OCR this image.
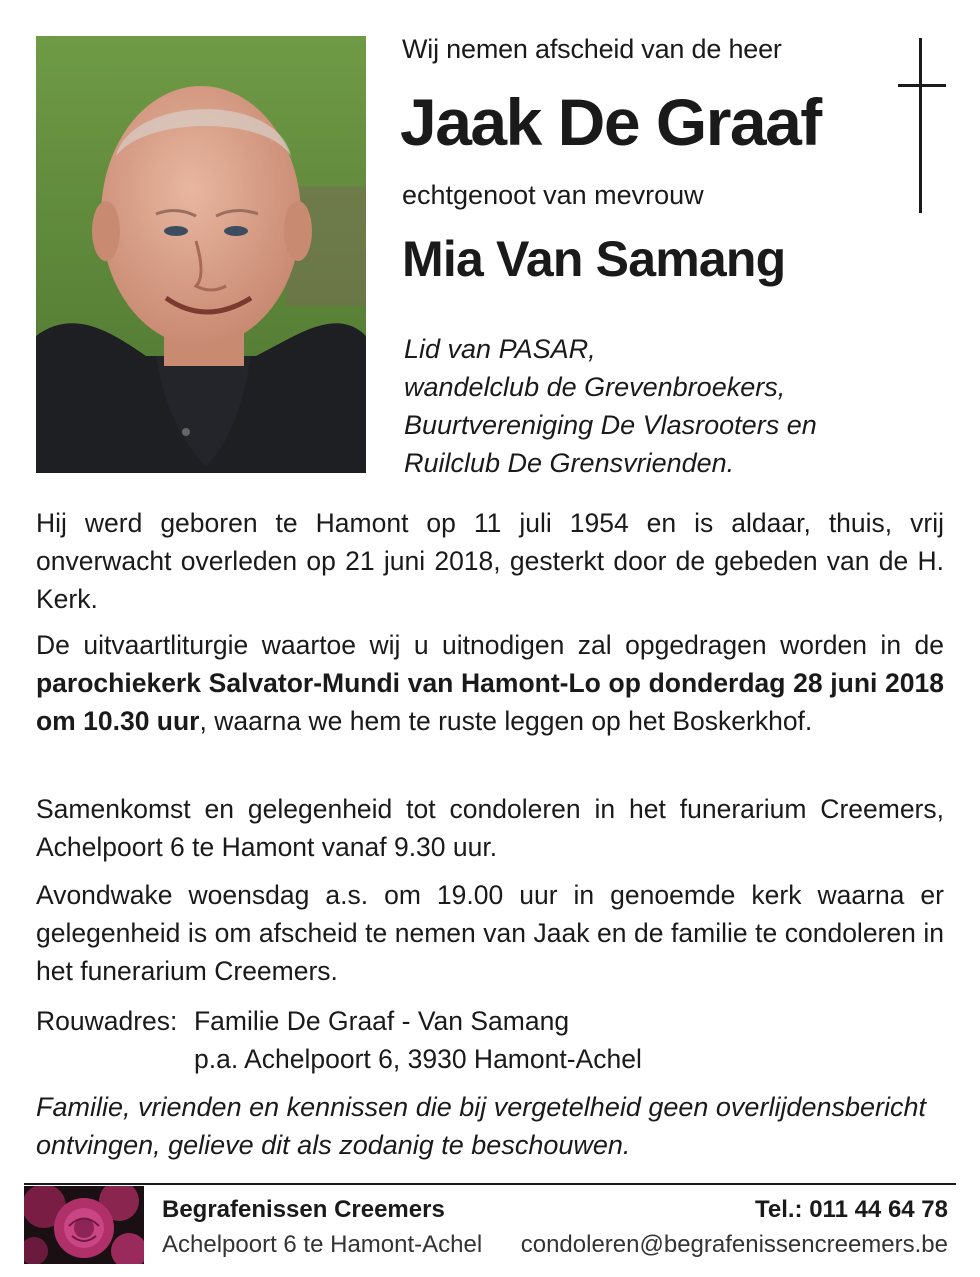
Wij nemen afscheid van de heer
Jaak De Graaf
echtgenoot van mevrouw
Mia Van Samang
Lid van PASAR,
wandelclub de Grevenbroekers,
Buurtvereniging De Vlasrooters en
Ruilclub De Grensvrienden.

Hij werd geboren te Hamont op 11 juli 1954 en is aldaar, thuis, vrij onverwacht overleden op 21 juni 2018, gesterkt door de gebeden van de H. Kerk.

De uitvaartliturgie waartoe wij u uitnodigen zal opgedragen worden in de parochiekerk Salvator-Mundi van Hamont-Lo op donderdag 28 juni 2018 om 10.30 uur, waarna we hem te ruste leggen op het Boskerkhof.

Samenkomst en gelegenheid tot condoleren in het funerarium Creemers, Achelpoort 6 te Hamont vanaf 9.30 uur.

Avondwake woensdag a.s. om 19.00 uur in genoemde kerk waarna er gelegenheid is om afscheid te nemen van Jaak en de familie te condoleren in het funerarium Creemers.

Rouwadres: Familie De Graaf - Van Samang
p.a. Achelpoort 6, 3930 Hamont-Achel
Familie, vrienden en kennissen die bij vergetelheid geen overlijdensbericht
ontvingen, gelieve dit als zodanig te beschouwen.
Begrafenissen Creemers
Achelpoort 6 te Hamont-Achel
Tel.: 011 44 64 78
condoleren@begrafenissencreemers.be
